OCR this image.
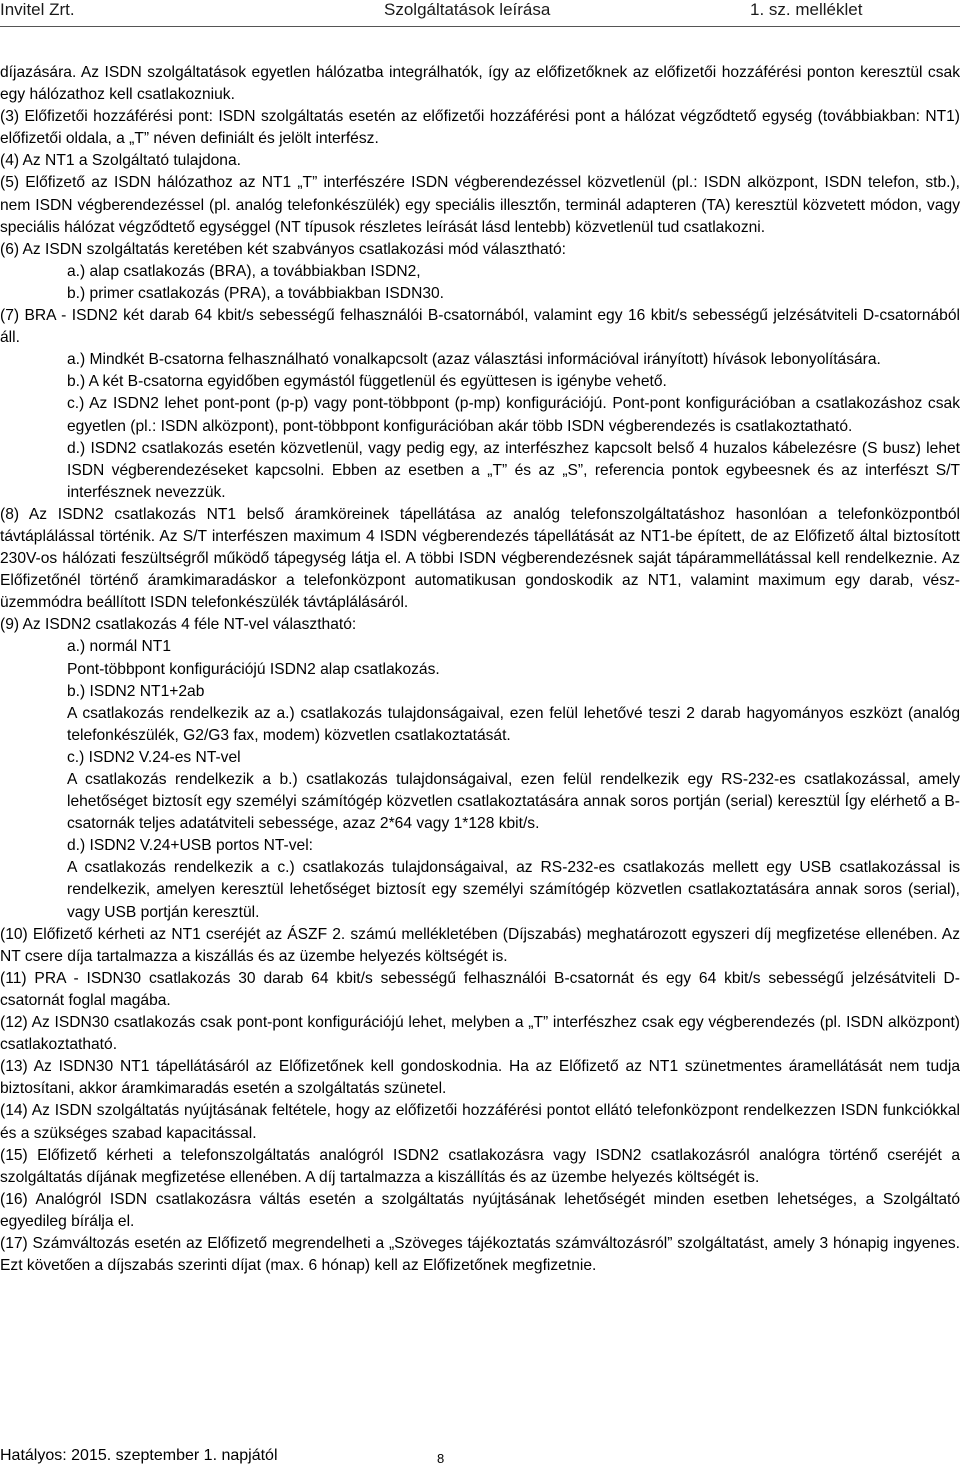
Invitel Zrt.	Szolgáltatások leírása	1. sz. melléklet

díjazására. Az ISDN szolgáltatások egyetlen hálózatba integrálhatók, így az előfizetőknek az előfizetői hozzáférési ponton keresztül csak egy hálózathoz kell csatlakozniuk.

(3) Előfizetői hozzáférési pont: ISDN szolgáltatás esetén az előfizetői hozzáférési pont a hálózat végződtető egység (továbbiakban: NT1) előfizetői oldala, a „T” néven definiált és jelölt interfész.

(4) Az NT1 a Szolgáltató tulajdona.

(5) Előfizető az ISDN hálózathoz az NT1 „T” interfészére ISDN végberendezéssel közvetlenül (pl.: ISDN alközpont, ISDN telefon, stb.), nem ISDN végberendezéssel (pl. analóg telefonkészülék) egy speciális illesztőn, terminál adapteren (TA) keresztül közvetett módon, vagy speciális hálózat végződtető egységgel (NT típusok részletes leírását lásd lentebb) közvetlenül tud csatlakozni.

(6) Az ISDN szolgáltatás keretében két szabványos csatlakozási mód választható:

a.) alap csatlakozás (BRA), a továbbiakban ISDN2,

b.) primer csatlakozás (PRA), a továbbiakban ISDN30.

(7) BRA - ISDN2 két darab 64 kbit/s sebességű felhasználói B-csatornából, valamint egy 16 kbit/s sebességű jelzésátviteli D-csatornából áll.

a.) Mindkét B-csatorna felhasználható vonalkapcsolt (azaz választási információval irányított) hívások lebonyolítására.

b.) A két B-csatorna egyidőben egymástól függetlenül és együttesen is igénybe vehető.

c.) Az ISDN2 lehet pont-pont (p-p) vagy pont-többpont (p-mp) konfigurációjú. Pont-pont konfigurációban a csatlakozáshoz csak egyetlen (pl.: ISDN alközpont), pont-többpont konfigurációban akár több ISDN végberendezés is csatlakoztatható.

d.) ISDN2 csatlakozás esetén közvetlenül, vagy pedig egy, az interfészhez kapcsolt belső 4 huzalos kábelezésre (S busz) lehet ISDN végberendezéseket kapcsolni. Ebben az esetben a „T” és az „S”, referencia pontok egybeesnek és az interfészt S/T interfésznek nevezzük.

(8) Az ISDN2 csatlakozás NT1 belső áramköreinek tápellátása az analóg telefonszolgáltatáshoz hasonlóan a telefonközpontból távtáplálással történik. Az S/T interfészen maximum 4 ISDN végberendezés tápellátását az NT1-be épített, de az Előfizető által biztosított 230V-os hálózati feszültségről működő tápegység látja el. A többi ISDN végberendezésnek saját tápárammellátással kell rendelkeznie. Az Előfizetőnél történő áramkimaradáskor a telefonközpont automatikusan gondoskodik az NT1, valamint maximum egy darab, vész-üzemmódra beállított ISDN telefonkészülék távtáplálásáról.

(9) Az ISDN2 csatlakozás 4 féle NT-vel választható:

a.) normál NT1

Pont-többpont konfigurációjú ISDN2 alap csatlakozás.

b.) ISDN2 NT1+2ab

A csatlakozás rendelkezik az a.) csatlakozás tulajdonságaival, ezen felül lehetővé teszi 2 darab hagyományos eszközt (analóg telefonkészülék, G2/G3 fax, modem) közvetlen csatlakoztatását.

c.) ISDN2 V.24-es NT-vel

A csatlakozás rendelkezik a b.) csatlakozás tulajdonságaival, ezen felül rendelkezik egy RS-232-es csatlakozással, amely lehetőséget biztosít egy személyi számítógép közvetlen csatlakoztatására annak soros portján (serial) keresztül Így elérhető a B-csatornák teljes adatátviteli sebessége, azaz 2*64 vagy 1*128 kbit/s.

d.) ISDN2 V.24+USB portos NT-vel:

A csatlakozás rendelkezik a c.) csatlakozás tulajdonságaival, az RS-232-es csatlakozás mellett egy USB csatlakozással is rendelkezik, amelyen keresztül lehetőséget biztosít egy személyi számítógép közvetlen csatlakoztatására annak soros (serial), vagy USB portján keresztül.

(10) Előfizető kérheti az NT1 cseréjét az ÁSZF 2. számú mellékletében (Díjszabás) meghatározott egyszeri díj megfizetése ellenében. Az NT csere díja tartalmazza a kiszállás és az üzembe helyezés költségét is.

(11) PRA - ISDN30 csatlakozás 30 darab 64 kbit/s sebességű felhasználói B-csatornát és egy 64 kbit/s sebességű jelzésátviteli D-csatornát foglal magába.

(12) Az ISDN30 csatlakozás csak pont-pont konfigurációjú lehet, melyben a „T” interfészhez csak egy végberendezés (pl. ISDN alközpont) csatlakoztatható.

(13) Az ISDN30 NT1 tápellátásáról az Előfizetőnek kell gondoskodnia. Ha az Előfizető az NT1 szünetmentes áramellátását nem tudja biztosítani, akkor áramkimaradás esetén a szolgáltatás szünetel.

(14) Az ISDN szolgáltatás nyújtásának feltétele, hogy az előfizetői hozzáférési pontot ellátó telefonközpont rendelkezzen ISDN funkciókkal és a szükséges szabad kapacitással.

(15) Előfizető kérheti a telefonszolgáltatás analógról ISDN2 csatlakozásra vagy ISDN2 csatlakozásról analógra történő cseréjét a szolgáltatás díjának megfizetése ellenében. A díj tartalmazza a kiszállítás és az üzembe helyezés költségét is.

(16) Analógról ISDN csatlakozásra váltás esetén a szolgáltatás nyújtásának lehetőségét minden esetben lehetséges, a Szolgáltató egyedileg bírálja el.

(17) Számváltozás esetén az Előfizető megrendelheti a „Szöveges tájékoztatás számváltozásról” szolgáltatást, amely 3 hónapig ingyenes. Ezt követően a díjszabás szerinti díjat (max. 6 hónap) kell az Előfizetőnek megfizetnie.

Hatályos: 2015. szeptember 1. napjától	8
